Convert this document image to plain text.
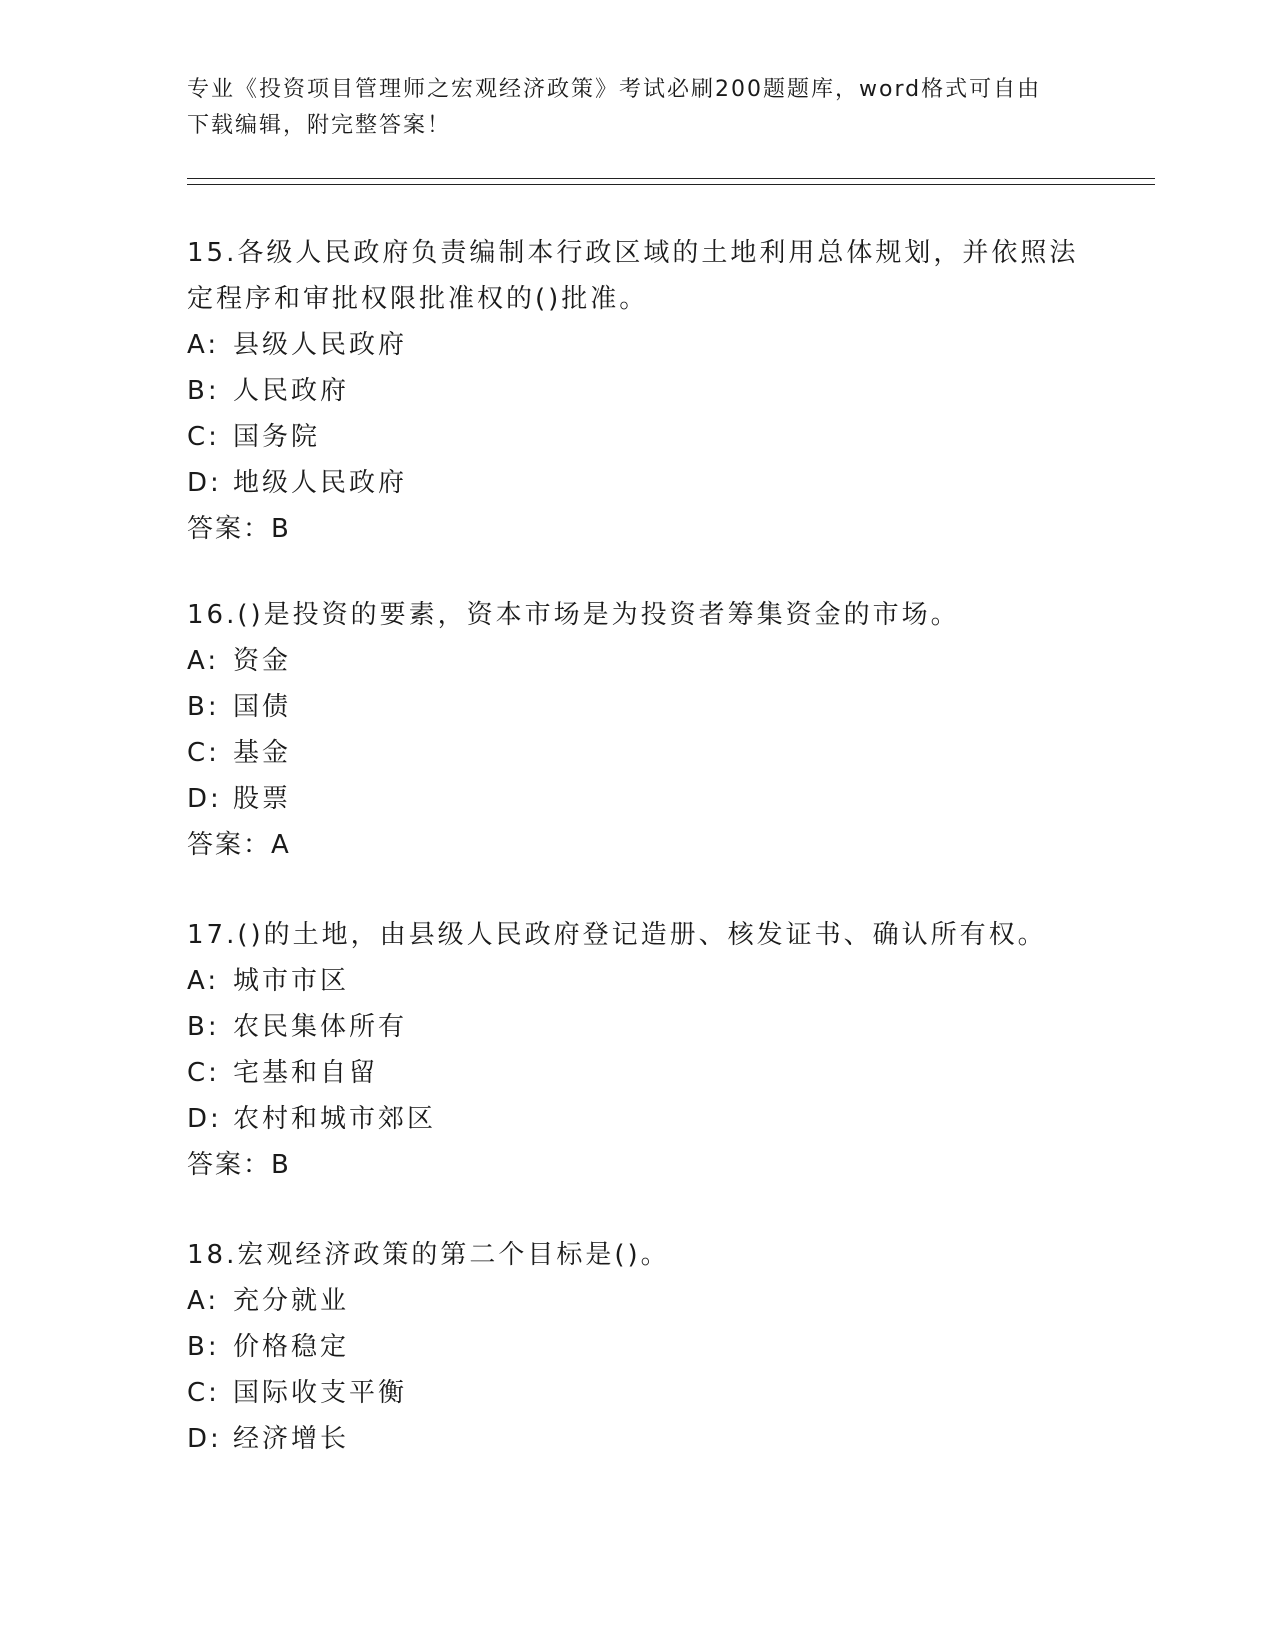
专业《投资项目管理师之宏观经济政策》考试必刷200题题库，word格式可自由
下载编辑，附完整答案！

15.各级人民政府负责编制本行政区域的土地利用总体规划，并依照法

定程序和审批权限批准权的()批准。

A: 县级人民政府

B: 人民政府

C: 国务院

D: 地级人民政府

答案：B

16.()是投资的要素，资本市场是为投资者筹集资金的市场。

A: 资金

B: 国债

C: 基金

D: 股票

答案：A

17.()的土地，由县级人民政府登记造册、核发证书、确认所有权。

A: 城市市区

B: 农民集体所有

C: 宅基和自留

D: 农村和城市郊区

答案：B

18.宏观经济政策的第二个目标是()。

A: 充分就业

B: 价格稳定

C: 国际收支平衡

D: 经济增长
